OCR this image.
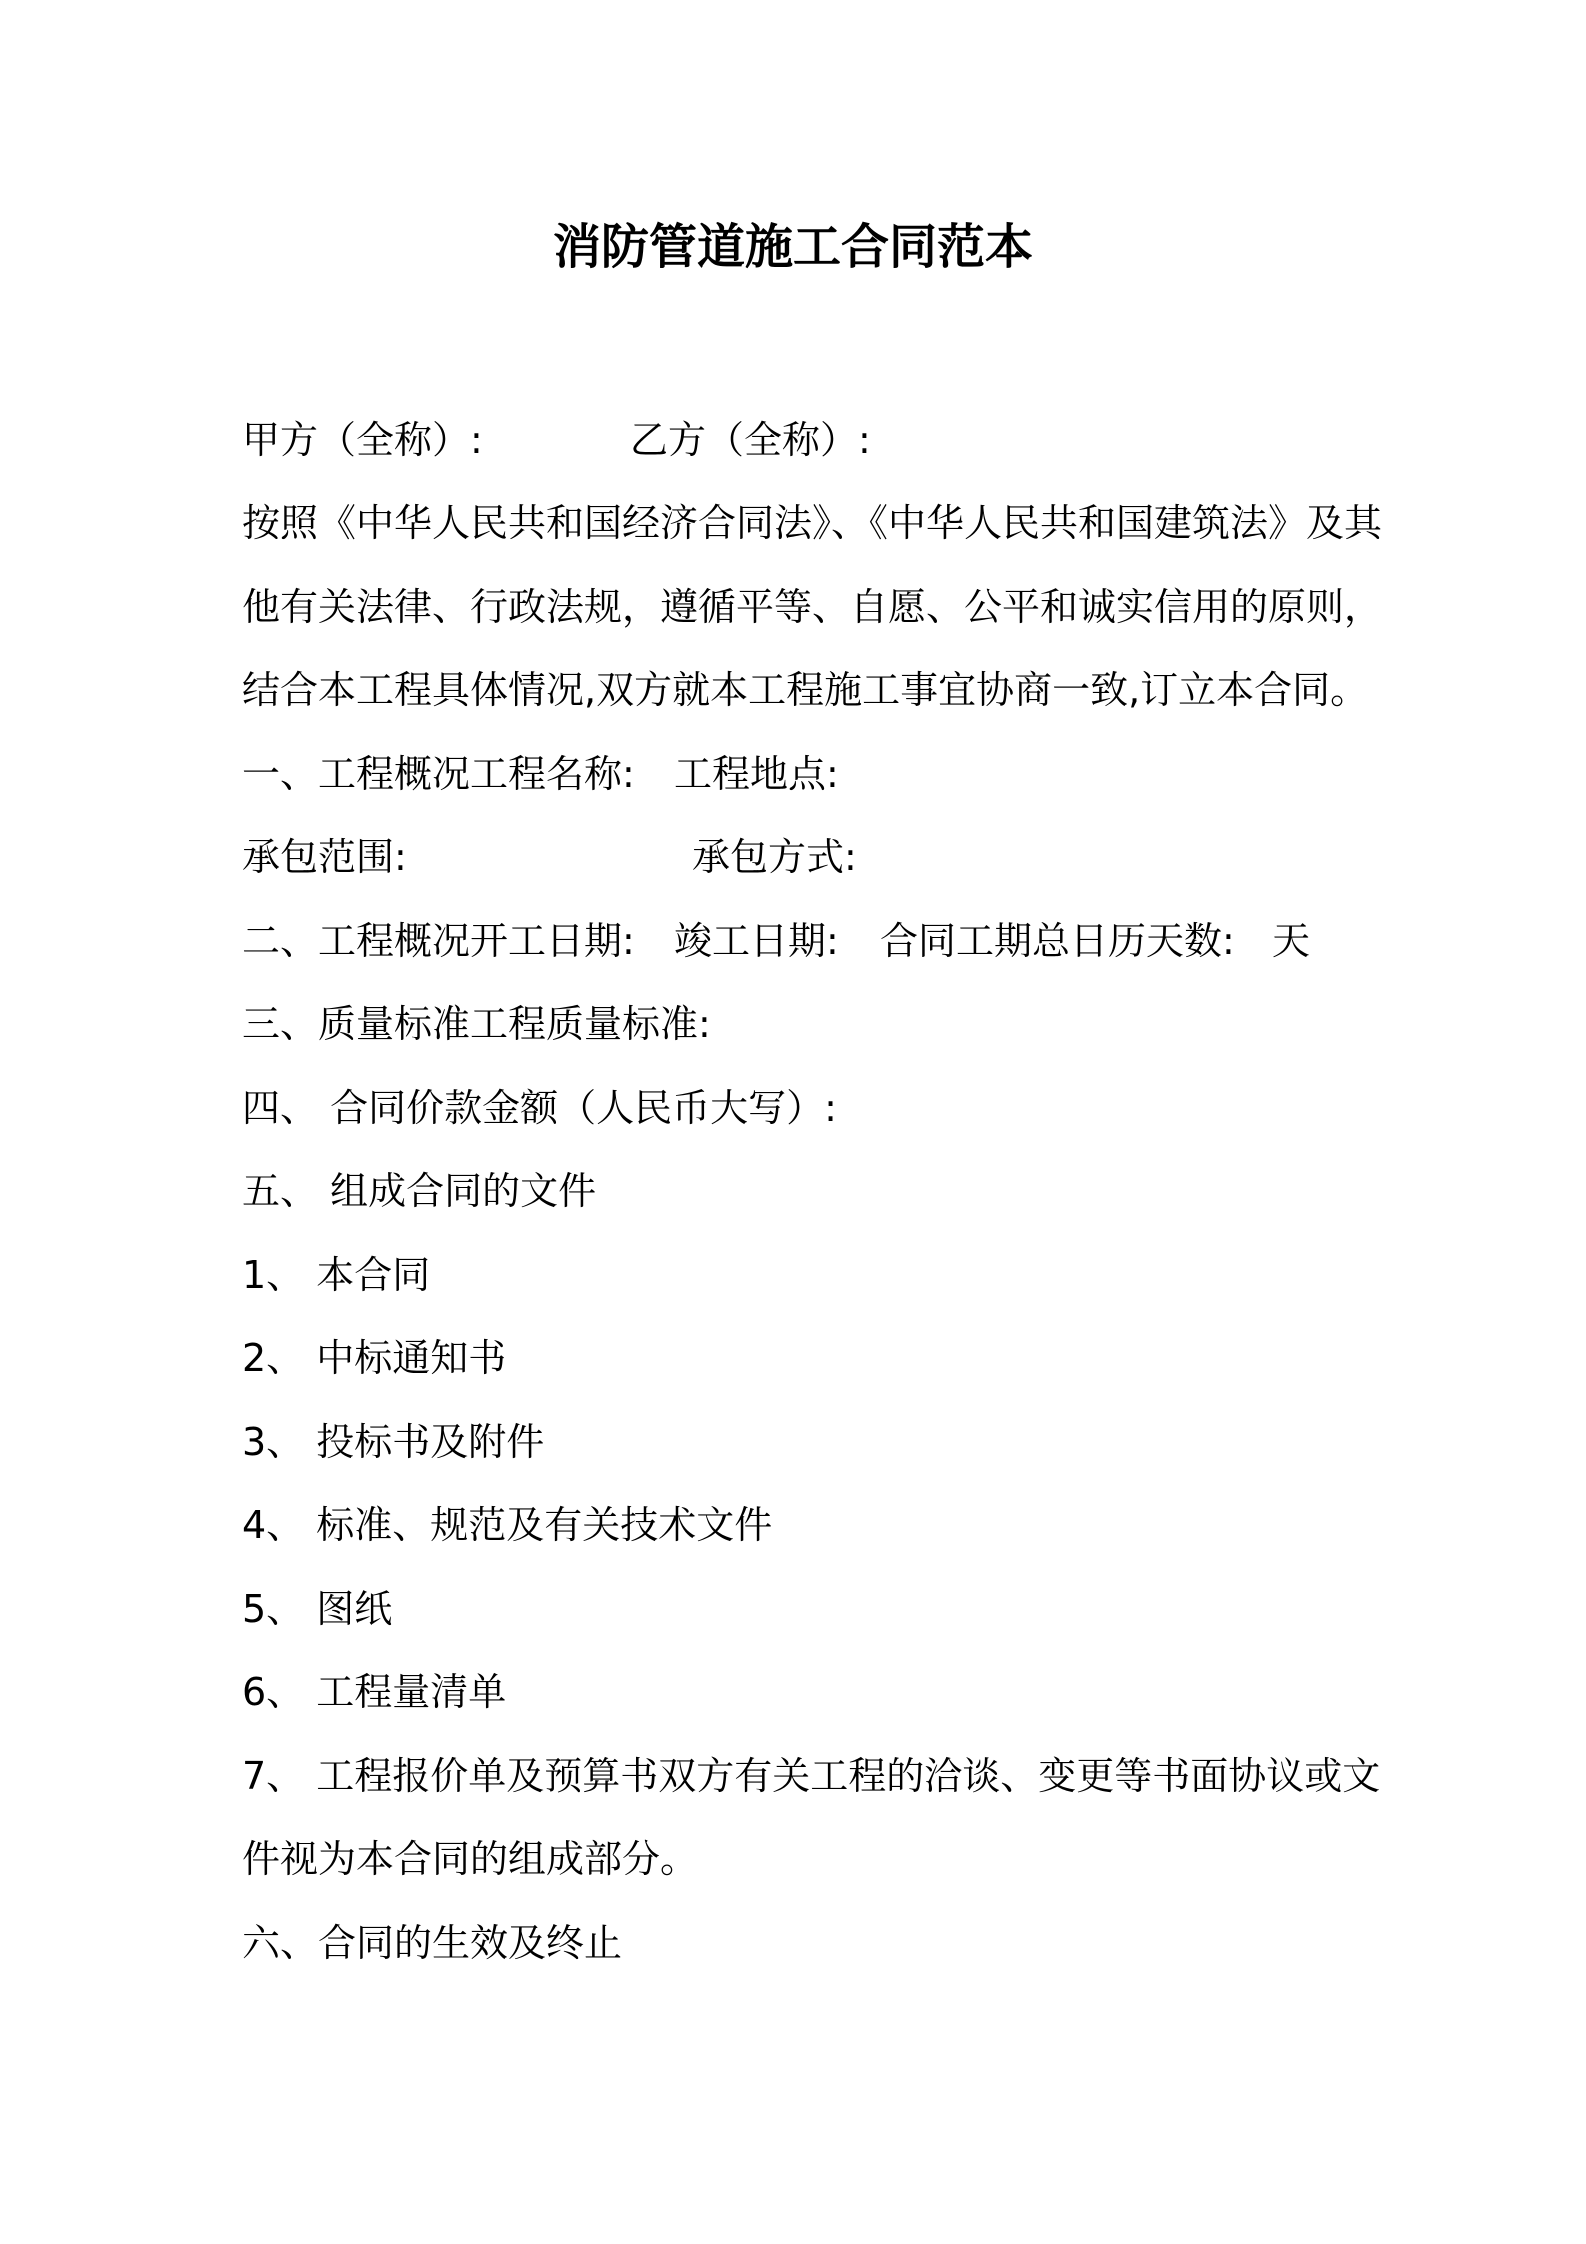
消防管道施工合同范本
甲方（全称）:	乙方（全称）:
按照《中华人民共和国经济合同法》、《中华人民共和国建筑法》及其
他有关法律、行政法规，遵循平等、自愿、公平和诚实信用的原则，
结合本工程具体情况,双方就本工程施工事宜协商一致,订立本合同。
一、工程概况工程名称: 工程地点:
承包范围:	承包方式:
二、工程概况开工日期: 竣工日期: 合同工期总日历天数: 天
三、质量标准工程质量标准:
四、 合同价款金额（人民币大写）:
五、 组成合同的文件
1、 本合同
2、 中标通知书
3、 投标书及附件
4、 标准、规范及有关技术文件
5、 图纸
6、 工程量清单
7、 工程报价单及预算书双方有关工程的洽谈、变更等书面协议或文
件视为本合同的组成部分。
六、合同的生效及终止
